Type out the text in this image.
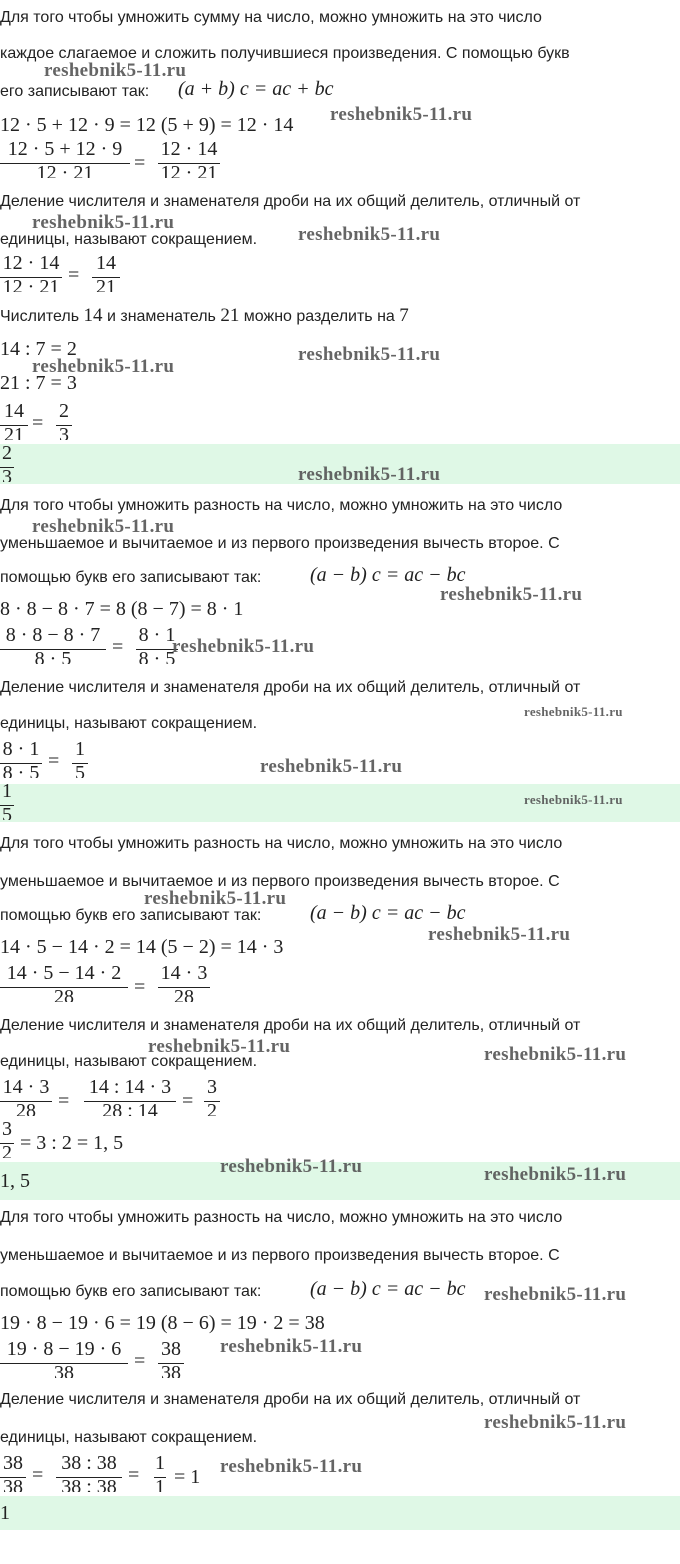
Для того чтобы умножить сумму на число, можно умножить на это число
каждое слагаемое и сложить получившиеся произведения. С помощью букв
его записывают так: (a + b) c = ac + bc
12 · 5 + 12 · 9 = 12 (5 + 9) = 12 · 14
12 · 5 + 12 · 9
12 · 21	=
12 · 14
12 · 21
Деление числителя и знаменателя дроби на их общий делитель, отличный от
единицы, называют сокращением.
12 · 14
12 · 21
=
14
21
Числитель 14 и знаменатель 21 можно разделить на 7
14 : 7 = 2
21 : 7 = 3
14
21
=
2
3
2
3
Для того чтобы умножить разность на число, можно умножить на это число
уменьшаемое и вычитаемое и из первого произведения вычесть второе. С
помощью букв его записывают так: (a − b) c = ac − bc
8 · 8 − 8 · 7 = 8 (8 − 7) = 8 · 1
8 · 8 − 8 · 7
8 · 5
=
8 · 1
8 · 5
Деление числителя и знаменателя дроби на их общий делитель, отличный от
единицы, называют сокращением.
8 · 1
8 · 5
=
1
5
1
5
Для того чтобы умножить разность на число, можно умножить на это число
уменьшаемое и вычитаемое и из первого произведения вычесть второе. С
помощью букв его записывают так: (a − b) c = ac − bc
14 · 5 − 14 · 2 = 14 (5 − 2) = 14 · 3
14 · 5 − 14 · 2
28	=
14 · 3
28
Деление числителя и знаменателя дроби на их общий делитель, отличный от
единицы, называют сокращением.
14 · 3
28	=
14 : 14 · 3
28 : 14	=
3
2
3
2 = 3 : 2 = 1, 5
1, 5
Для того чтобы умножить разность на число, можно умножить на это число
уменьшаемое и вычитаемое и из первого произведения вычесть второе. С
помощью букв его записывают так: (a − b) c = ac − bc
19 · 8 − 19 · 6 = 19 (8 − 6) = 19 · 2 = 38
19 · 8 − 19 · 6
38
=
38
38
Деление числителя и знаменателя дроби на их общий делитель, отличный от
единицы, называют сокращением.
38
38
=
38 : 38
38 : 38
=
1
1 = 1
1
reshebnik5-11.ru
reshebnik5-11.ru
reshebnik5-11.ru
reshebnik5-11.ru
reshebnik5-11.ru
reshebnik5-11.ru
reshebnik5-11.ru
reshebnik5-11.ru
reshebnik5-11.ru
reshebnik5-11.ru
reshebnik5-11.ru
reshebnik5-11.ru
reshebnik5-11.ru
reshebnik5-11.ru
reshebnik5-11.ru
reshebnik5-11.ru	reshebnik5-11.ru
reshebnik5-11.ru	reshebnik5-11.ru
reshebnik5-11.ru
reshebnik5-11.ru
reshebnik5-11.ru
reshebnik5-11.ru
